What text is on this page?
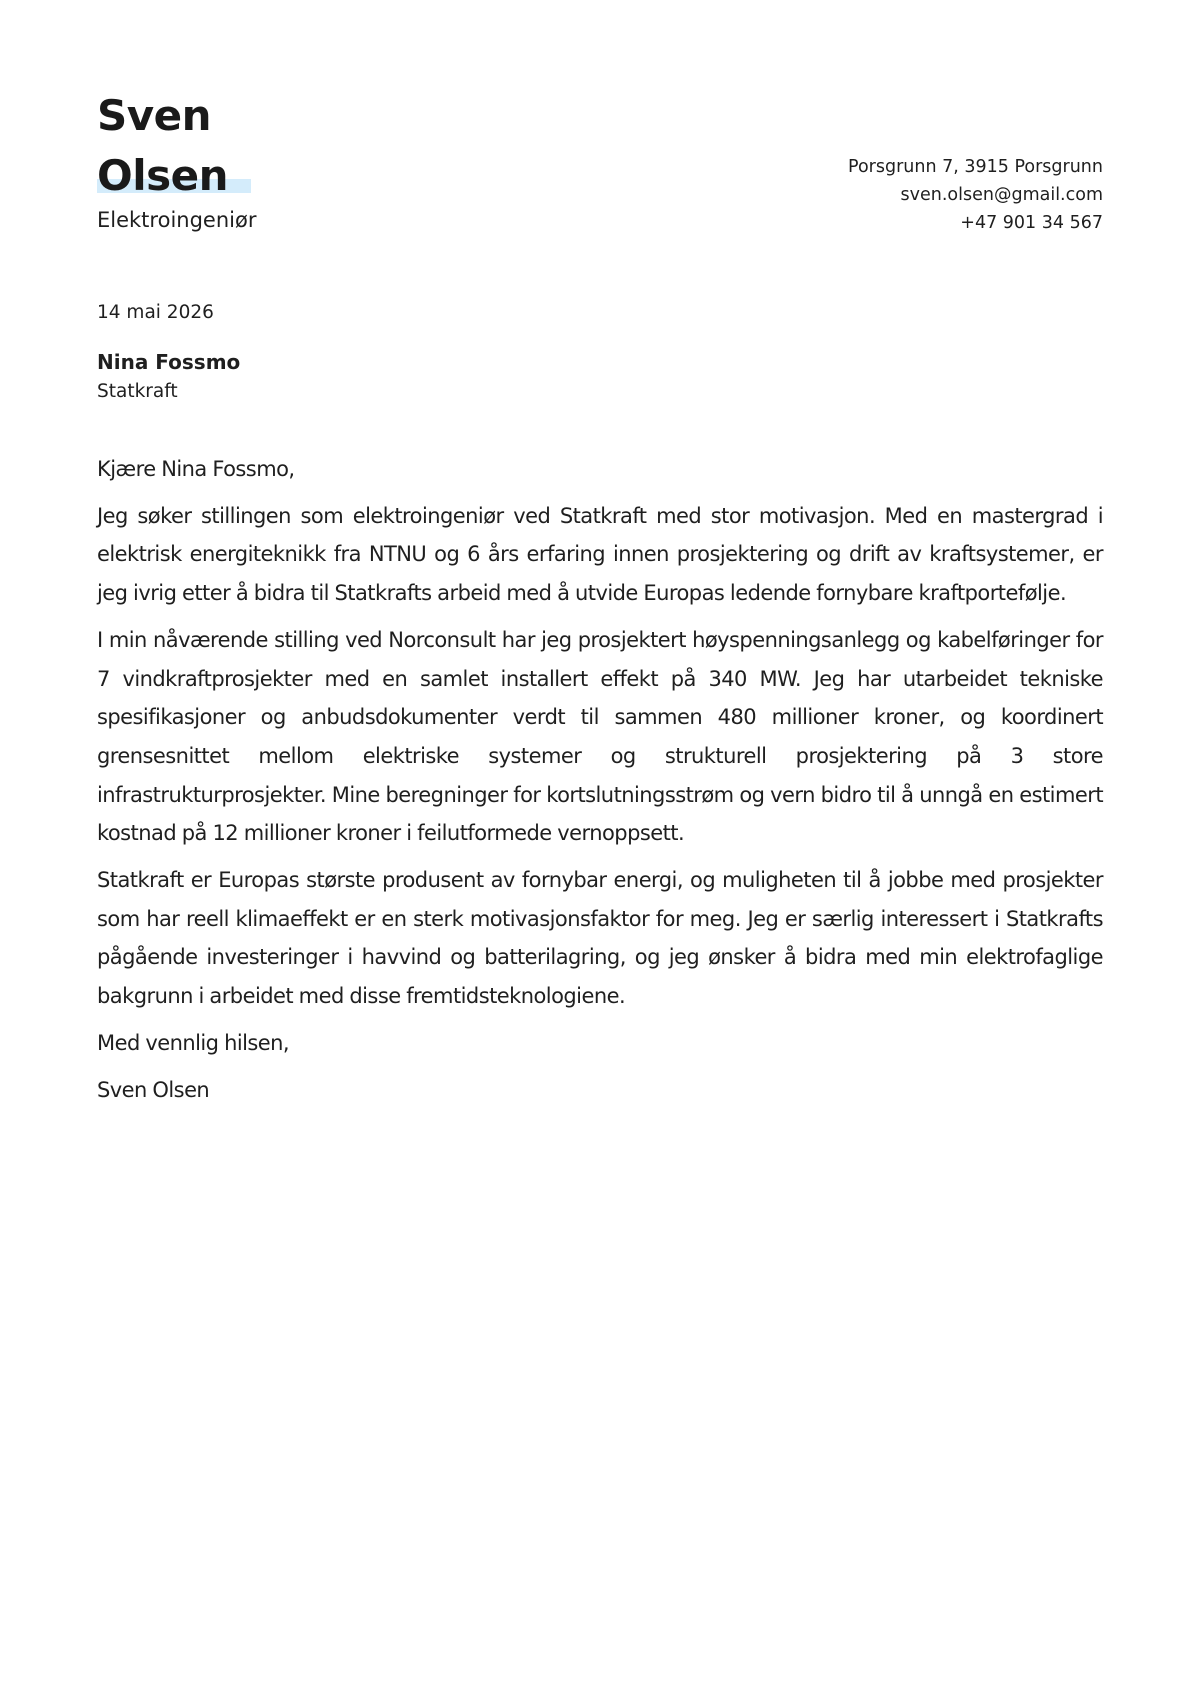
Sven
Olsen
Elektroingeniør
Porsgrunn 7, 3915 Porsgrunn
sven.olsen@gmail.com
+47 901 34 567
14 mai 2026
Nina Fossmo
Statkraft

Kjære Nina Fossmo,

Jeg søker stillingen som elektroingeniør ved Statkraft med stor motivasjon. Med en mastergrad i elektrisk energiteknikk fra NTNU og 6 års erfaring innen prosjektering og drift av kraftsystemer, er jeg ivrig etter å bidra til Statkrafts arbeid med å utvide Europas ledende fornybare kraftportefølje.

I min nåværende stilling ved Norconsult har jeg prosjektert høyspenningsanlegg og kabelføringer for 7 vindkraftprosjekter med en samlet installert effekt på 340 MW. Jeg har utarbeidet tekniske spesifikasjoner og anbudsdokumenter verdt til sammen 480 millioner kroner, og koordinert grensesnittet mellom elektriske systemer og strukturell prosjektering på 3 store infrastrukturprosjekter. Mine beregninger for kortslutningsstrøm og vern bidro til å unngå en estimert kostnad på 12 millioner kroner i feilutformede vernoppsett.

Statkraft er Europas største produsent av fornybar energi, og muligheten til å jobbe med prosjekter som har reell klimaeffekt er en sterk motivasjonsfaktor for meg. Jeg er særlig interessert i Statkrafts pågående investeringer i havvind og batterilagring, og jeg ønsker å bidra med min elektrofaglige bakgrunn i arbeidet med disse fremtidsteknologiene.

Med vennlig hilsen,

Sven Olsen
